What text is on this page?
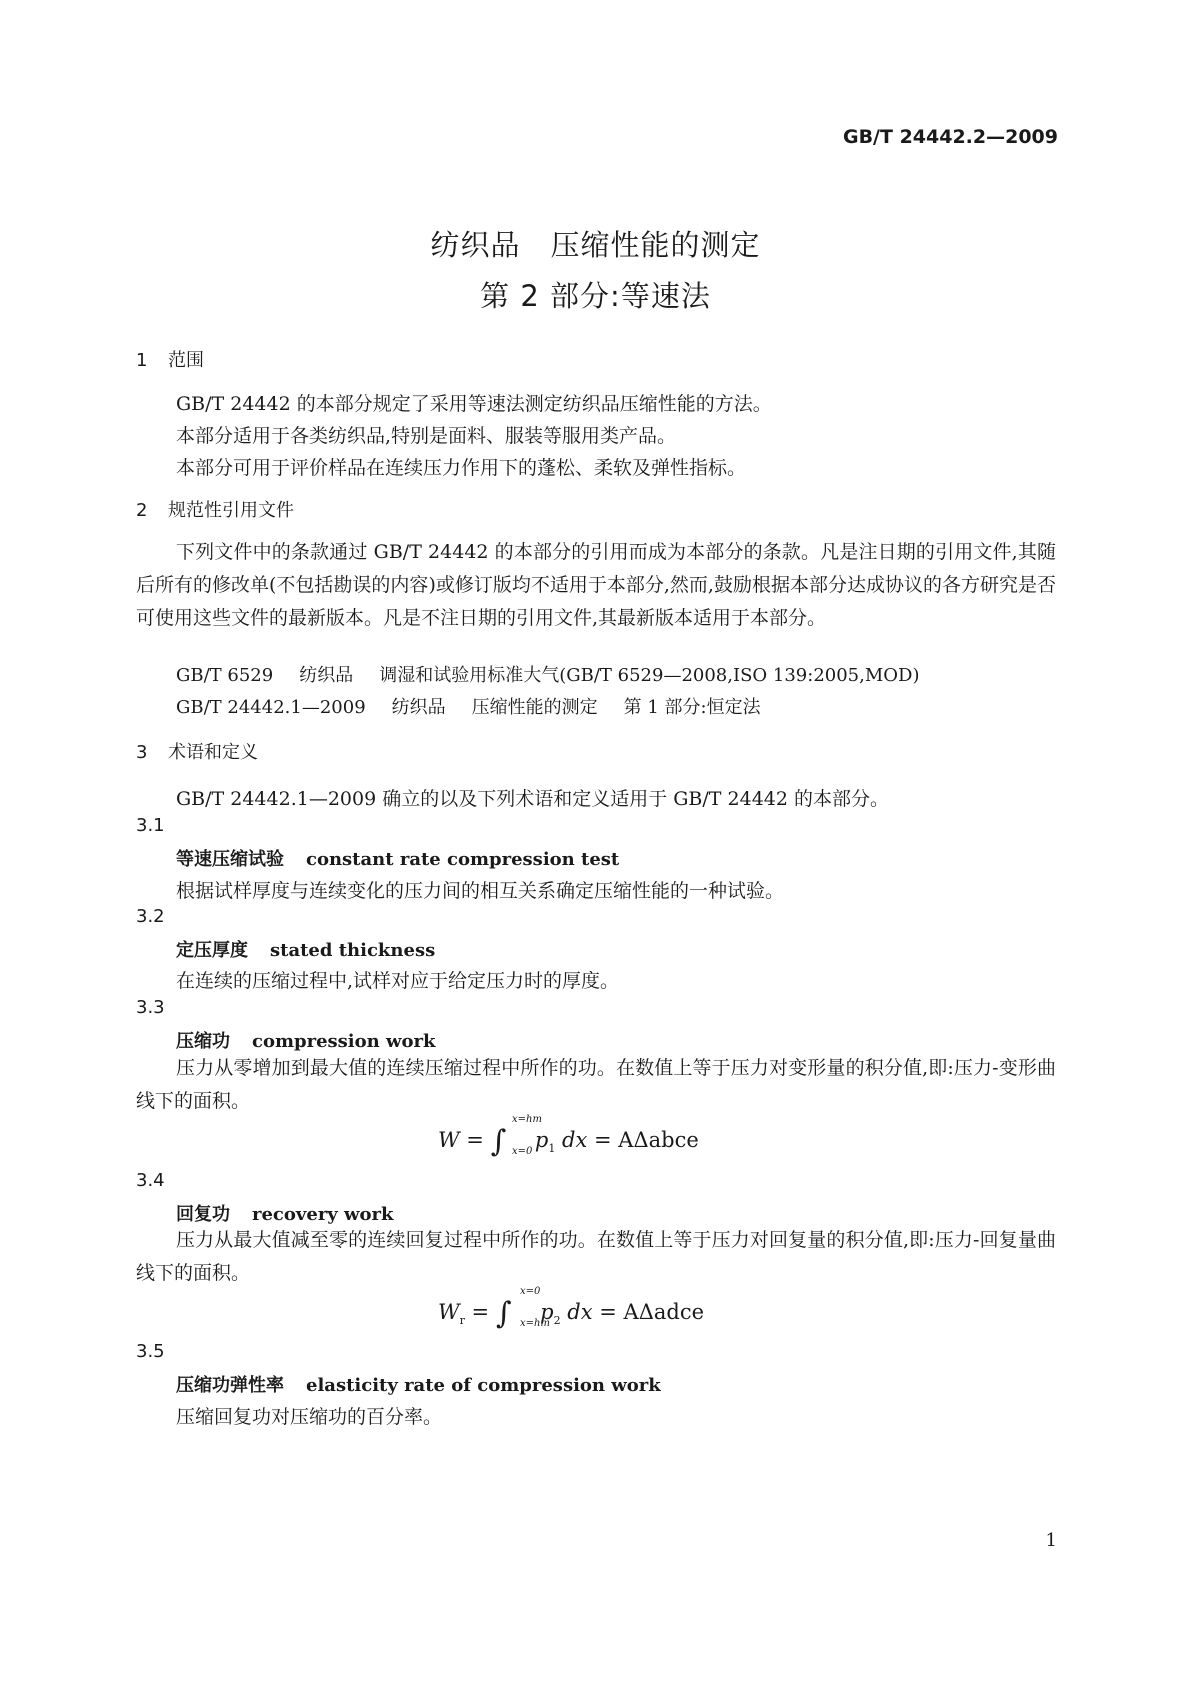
GB/T 24442.2—2009
纺织品 压缩性能的测定
第 2 部分:等速法
1 范围
GB/T 24442 的本部分规定了采用等速法测定纺织品压缩性能的方法。
本部分适用于各类纺织品,特别是面料、服装等服用类产品。
本部分可用于评价样品在连续压力作用下的蓬松、柔软及弹性指标。
2 规范性引用文件
下列文件中的条款通过 GB/T 24442 的本部分的引用而成为本部分的条款。凡是注日期的引用文件,其随后所有的修改单(不包括勘误的内容)或修订版均不适用于本部分,然而,鼓励根据本部分达成协议的各方研究是否可使用这些文件的最新版本。凡是不注日期的引用文件,其最新版本适用于本部分。
GB/T 6529 纺织品 调湿和试验用标准大气(GB/T 6529—2008,ISO 139:2005,MOD)
GB/T 24442.1—2009 纺织品 压缩性能的测定 第 1 部分:恒定法
3 术语和定义
GB/T 24442.1—2009 确立的以及下列术语和定义适用于 GB/T 24442 的本部分。
3.1
等速压缩试验 constant rate compression test
根据试样厚度与连续变化的压力间的相互关系确定压缩性能的一种试验。
3.2
定压厚度 stated thickness
在连续的压缩过程中,试样对应于给定压力时的厚度。
3.3
压缩功 compression work
压力从零增加到最大值的连续压缩过程中所作的功。在数值上等于压力对变形量的积分值,即:压力-变形曲线下的面积。
W = ∫
x=hm
x=0 $p_1$ dx = AΔabce
3.4
回复功 recovery work
压力从最大值减至零的连续回复过程中所作的功。在数值上等于压力对回复量的积分值,即:压力-回复量曲线下的面积。
$W_r$ = ∫
x=0
x=hm
$p_2$ dx = AΔadce
3.5
压缩功弹性率 elasticity rate of compression work
压缩回复功对压缩功的百分率。
1
